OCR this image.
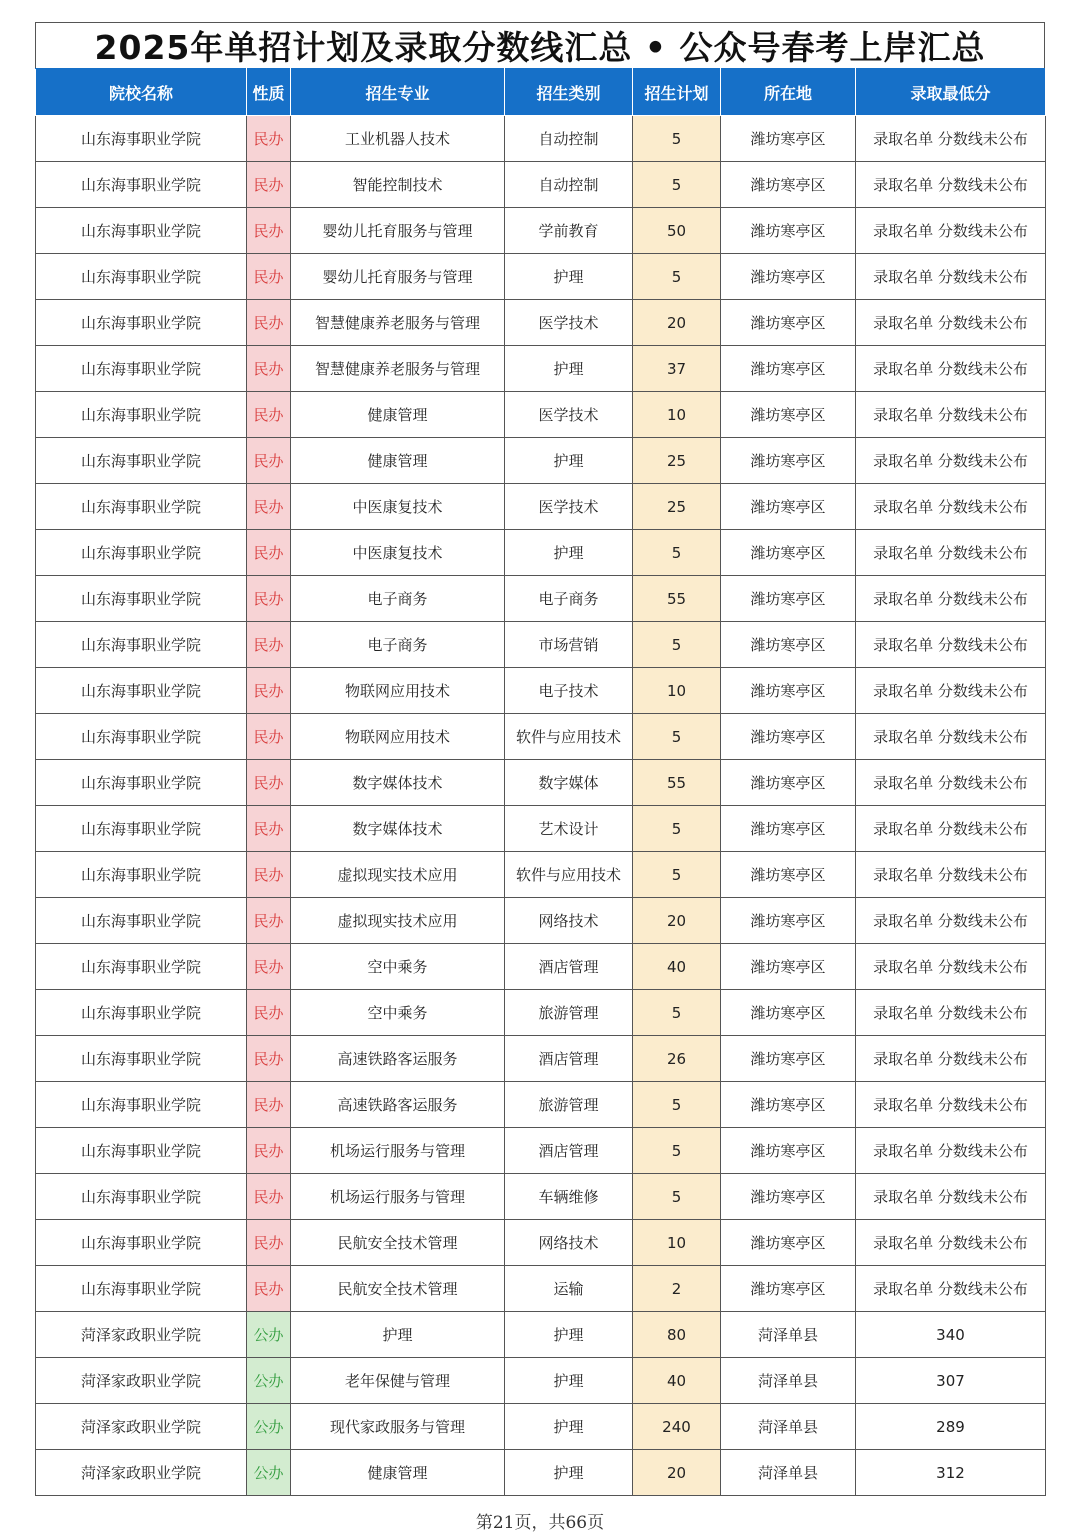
2025年单招计划及录取分数线汇总 • 公众号春考上岸汇总
院校名称	性质	招生专业	招生类别	招生计划	所在地	录取最低分
山东海事职业学院	民办	工业机器人技术	自动控制	5	潍坊寒亭区	录取名单 分数线未公布
山东海事职业学院	民办	智能控制技术	自动控制	5	潍坊寒亭区	录取名单 分数线未公布
山东海事职业学院	民办	婴幼儿托育服务与管理	学前教育	50	潍坊寒亭区	录取名单 分数线未公布
山东海事职业学院	民办	婴幼儿托育服务与管理	护理	5	潍坊寒亭区	录取名单 分数线未公布
山东海事职业学院	民办	智慧健康养老服务与管理	医学技术	20	潍坊寒亭区	录取名单 分数线未公布
山东海事职业学院	民办	智慧健康养老服务与管理	护理	37	潍坊寒亭区	录取名单 分数线未公布
山东海事职业学院	民办	健康管理	医学技术	10	潍坊寒亭区	录取名单 分数线未公布
山东海事职业学院	民办	健康管理	护理	25	潍坊寒亭区	录取名单 分数线未公布
山东海事职业学院	民办	中医康复技术	医学技术	25	潍坊寒亭区	录取名单 分数线未公布
山东海事职业学院	民办	中医康复技术	护理	5	潍坊寒亭区	录取名单 分数线未公布
山东海事职业学院	民办	电子商务	电子商务	55	潍坊寒亭区	录取名单 分数线未公布
山东海事职业学院	民办	电子商务	市场营销	5	潍坊寒亭区	录取名单 分数线未公布
山东海事职业学院	民办	物联网应用技术	电子技术	10	潍坊寒亭区	录取名单 分数线未公布
山东海事职业学院	民办	物联网应用技术	软件与应用技术	5	潍坊寒亭区	录取名单 分数线未公布
山东海事职业学院	民办	数字媒体技术	数字媒体	55	潍坊寒亭区	录取名单 分数线未公布
山东海事职业学院	民办	数字媒体技术	艺术设计	5	潍坊寒亭区	录取名单 分数线未公布
山东海事职业学院	民办	虚拟现实技术应用	软件与应用技术	5	潍坊寒亭区	录取名单 分数线未公布
山东海事职业学院	民办	虚拟现实技术应用	网络技术	20	潍坊寒亭区	录取名单 分数线未公布
山东海事职业学院	民办	空中乘务	酒店管理	40	潍坊寒亭区	录取名单 分数线未公布
山东海事职业学院	民办	空中乘务	旅游管理	5	潍坊寒亭区	录取名单 分数线未公布
山东海事职业学院	民办	高速铁路客运服务	酒店管理	26	潍坊寒亭区	录取名单 分数线未公布
山东海事职业学院	民办	高速铁路客运服务	旅游管理	5	潍坊寒亭区	录取名单 分数线未公布
山东海事职业学院	民办	机场运行服务与管理	酒店管理	5	潍坊寒亭区	录取名单 分数线未公布
山东海事职业学院	民办	机场运行服务与管理	车辆维修	5	潍坊寒亭区	录取名单 分数线未公布
山东海事职业学院	民办	民航安全技术管理	网络技术	10	潍坊寒亭区	录取名单 分数线未公布
山东海事职业学院	民办	民航安全技术管理	运输	2	潍坊寒亭区	录取名单 分数线未公布
菏泽家政职业学院	公办	护理	护理	80	菏泽单县	340
菏泽家政职业学院	公办	老年保健与管理	护理	40	菏泽单县	307
菏泽家政职业学院	公办	现代家政服务与管理	护理	240	菏泽单县	289
菏泽家政职业学院	公办	健康管理	护理	20	菏泽单县	312
第21页，共66页
